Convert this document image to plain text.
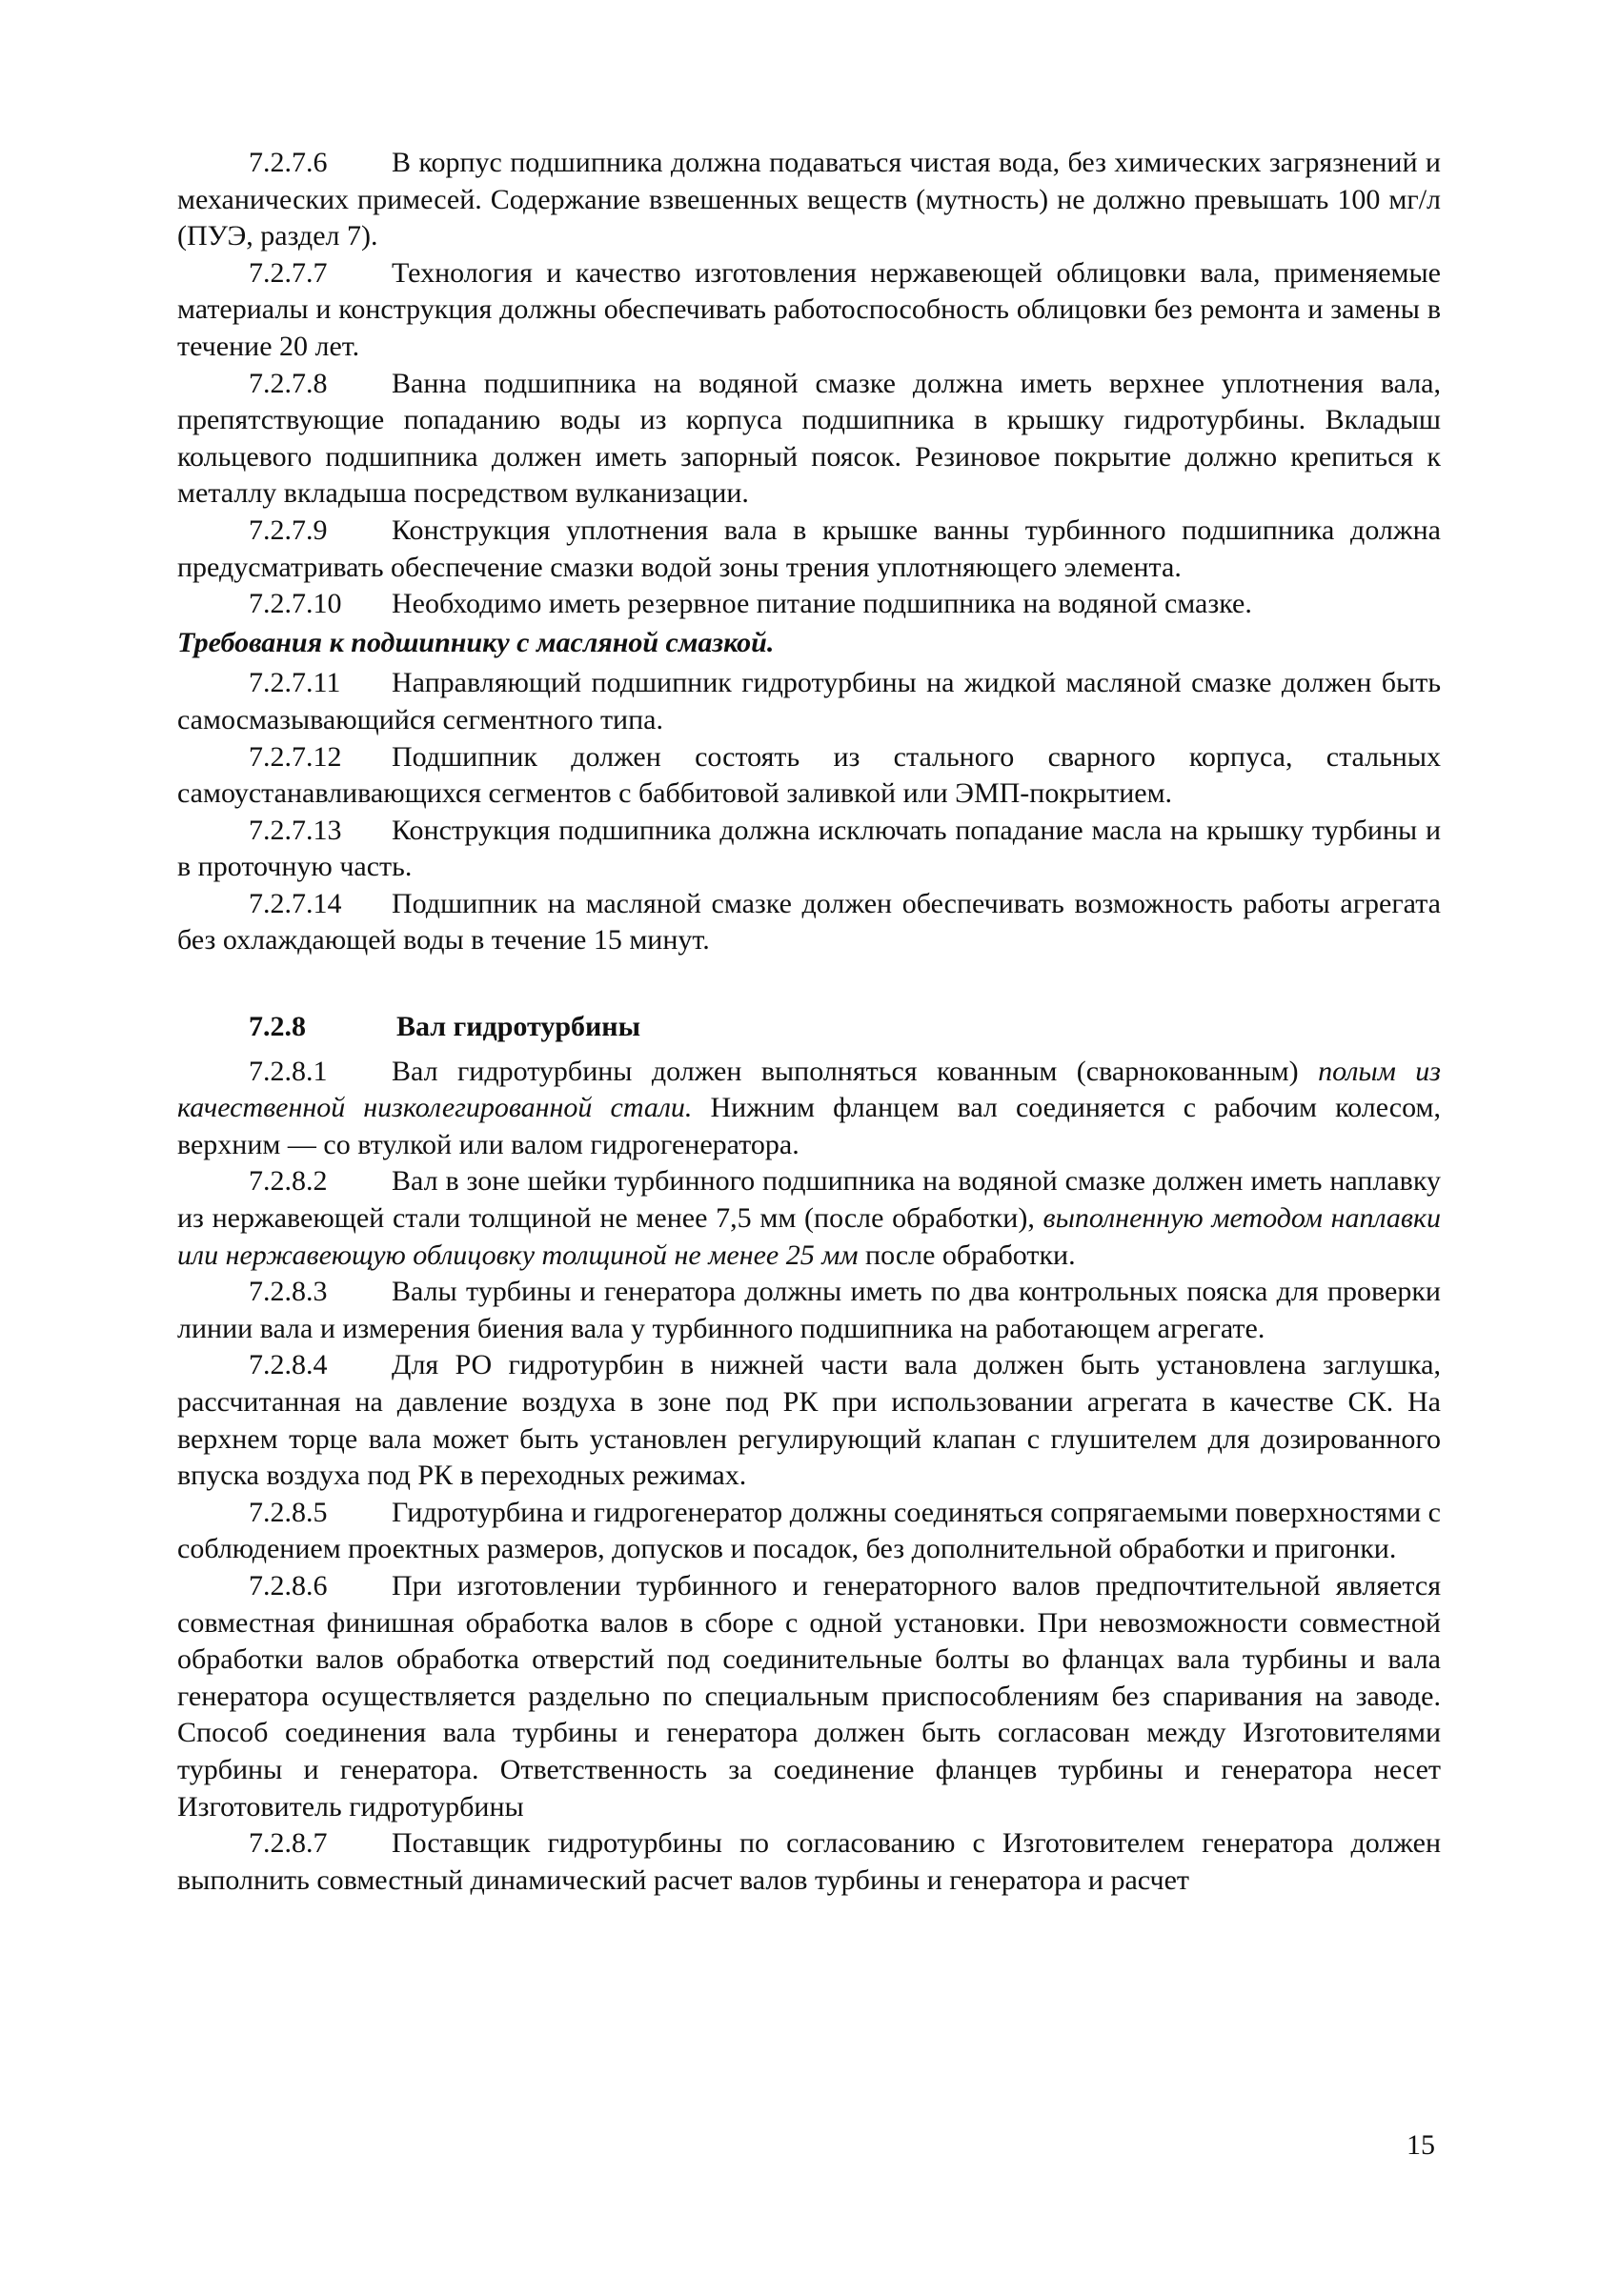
7.2.7.6 В корпус подшипника должна подаваться чистая вода, без химических загрязнений и механических примесей. Содержание взвешенных веществ (мутность) не должно превышать 100 мг/л (ПУЭ, раздел 7).

7.2.7.7 Технология и качество изготовления нержавеющей облицовки вала, применяемые материалы и конструкция должны обеспечивать работоспособность облицовки без ремонта и замены в течение 20 лет.

7.2.7.8 Ванна подшипника на водяной смазке должна иметь верхнее уплотнения вала, препятствующие попаданию воды из корпуса подшипника в крышку гидротурбины. Вкладыш кольцевого подшипника должен иметь запорный поясок. Резиновое покрытие должно крепиться к металлу вкладыша посредством вулканизации.

7.2.7.9 Конструкция уплотнения вала в крышке ванны турбинного подшипника должна предусматривать обеспечение смазки водой зоны трения уплотняющего элемента.

7.2.7.10 Необходимо иметь резервное питание подшипника на водяной смазке.

Требования к подшипнику с масляной смазкой.

7.2.7.11 Направляющий подшипник гидротурбины на жидкой масляной смазке должен быть самосмазывающийся сегментного типа.

7.2.7.12 Подшипник должен состоять из стального сварного корпуса, стальных самоустанавливающихся сегментов с баббитовой заливкой или ЭМП-покрытием.

7.2.7.13 Конструкция подшипника должна исключать попадание масла на крышку турбины и в проточную часть.

7.2.7.14 Подшипник на масляной смазке должен обеспечивать возможность работы агрегата без охлаждающей воды в течение 15 минут.

7.2.8	Вал гидротурбины

7.2.8.1 Вал гидротурбины должен выполняться кованным (сварнокованным) полым из качественной низколегированной стали. Нижним фланцем вал соединяется с рабочим колесом, верхним — со втулкой или валом гидрогенератора.

7.2.8.2 Вал в зоне шейки турбинного подшипника на водяной смазке должен иметь наплавку из нержавеющей стали толщиной не менее 7,5 мм (после обработки), выполненную методом наплавки или нержавеющую облицовку толщиной не менее 25 мм после обработки.

7.2.8.3 Валы турбины и генератора должны иметь по два контрольных пояска для проверки линии вала и измерения биения вала у турбинного подшипника на работающем агрегате.

7.2.8.4 Для РО гидротурбин в нижней части вала должен быть установлена заглушка, рассчитанная на давление воздуха в зоне под РК при использовании агрегата в качестве СК. На верхнем торце вала может быть установлен регулирующий клапан с глушителем для дозированного впуска воздуха под РК в переходных режимах.

7.2.8.5 Гидротурбина и гидрогенератор должны соединяться сопрягаемыми поверхностями с соблюдением проектных размеров, допусков и посадок, без дополнительной обработки и пригонки.

7.2.8.6 При изготовлении турбинного и генераторного валов предпочтительной является совместная финишная обработка валов в сборе с одной установки. При невозможности совместной обработки валов обработка отверстий под соединительные болты во фланцах вала турбины и вала генератора осуществляется раздельно по специальным приспособлениям без спаривания на заводе. Способ соединения вала турбины и генератора должен быть согласован между Изготовителями турбины и генератора. Ответственность за соединение фланцев турбины и генератора несет Изготовитель гидротурбины

7.2.8.7 Поставщик гидротурбины по согласованию с Изготовителем генератора должен выполнить совместный динамический расчет валов турбины и генератора и расчет

15
